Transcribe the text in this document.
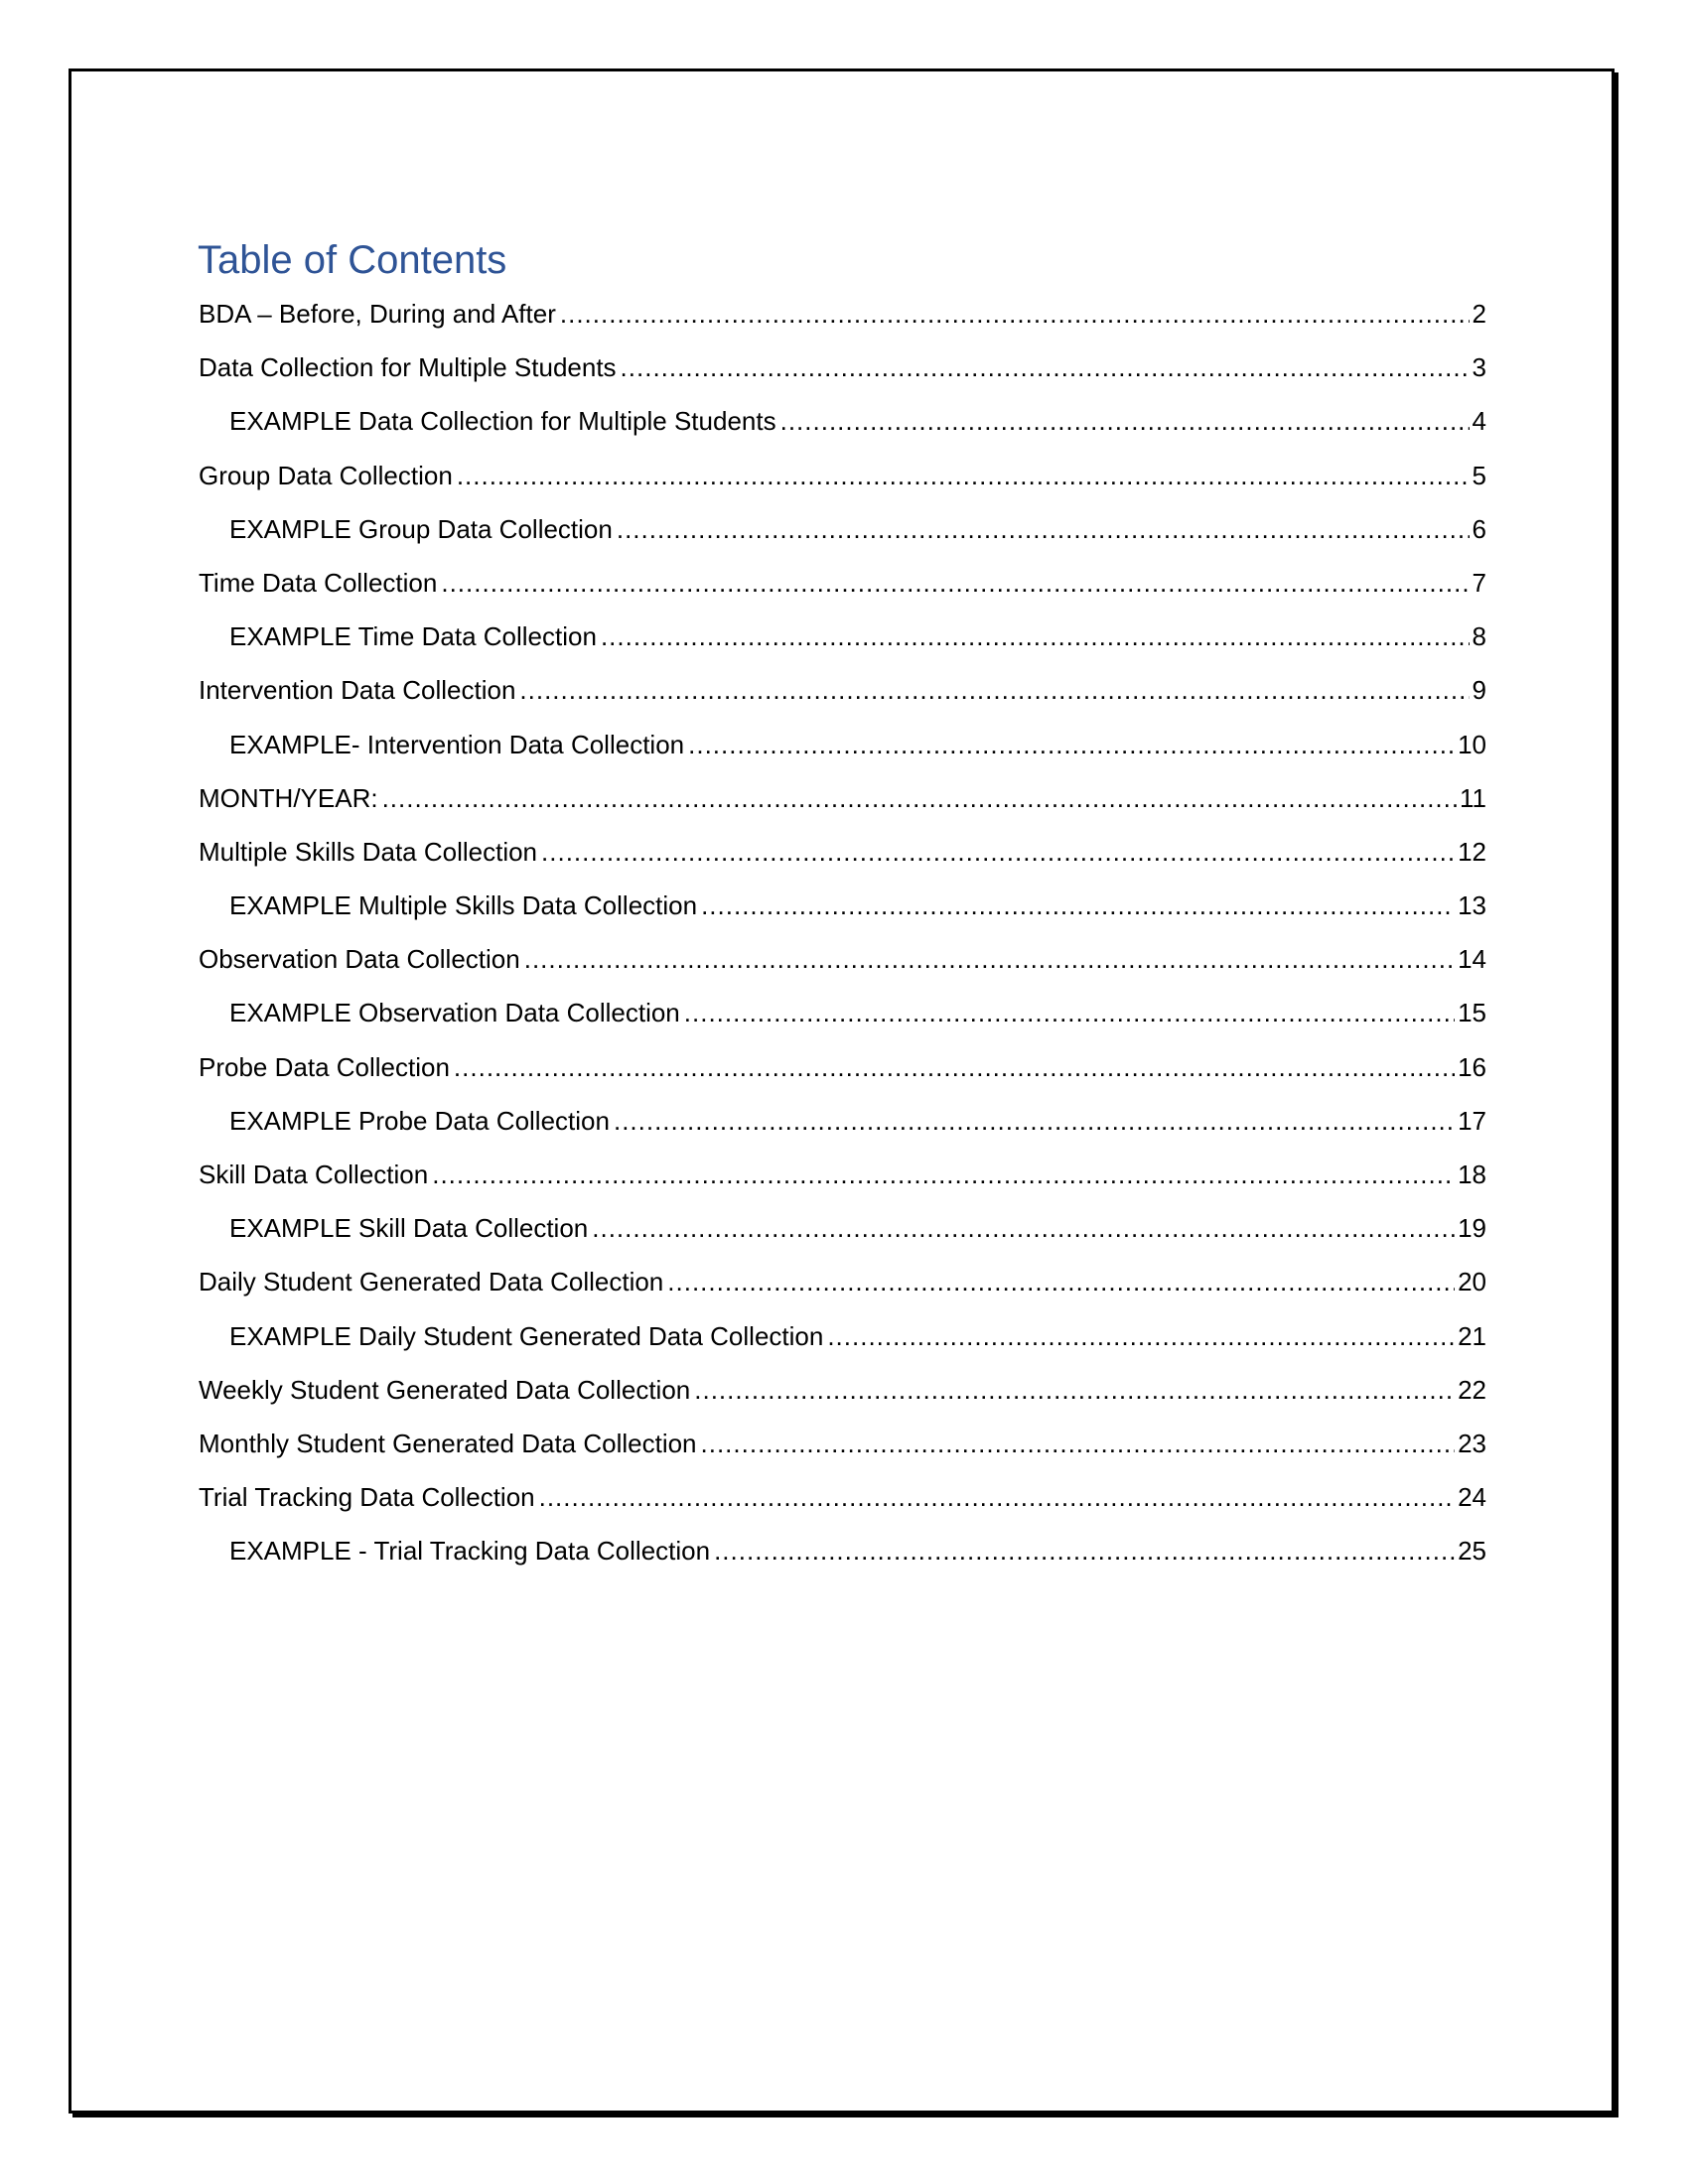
Table of Contents
BDA – Before, During and After .....	2
Data Collection for Multiple Students .....	3
EXAMPLE Data Collection for Multiple Students .....	4
Group Data Collection .....	5
EXAMPLE Group Data Collection .....	6
Time Data Collection .....	7
EXAMPLE Time Data Collection .....	8
Intervention Data Collection .....	9
EXAMPLE- Intervention Data Collection .....	10
MONTH/YEAR: .....	11
Multiple Skills Data Collection .....	12
EXAMPLE Multiple Skills Data Collection .....	13
Observation Data Collection .....	14
EXAMPLE Observation Data Collection .....	15
Probe Data Collection .....	16
EXAMPLE Probe Data Collection .....	17
Skill Data Collection .....	18
EXAMPLE Skill Data Collection .....	19
Daily Student Generated Data Collection .....	20
EXAMPLE Daily Student Generated Data Collection .....	21
Weekly Student Generated Data Collection .....	22
Monthly Student Generated Data Collection .....	23
Trial Tracking Data Collection .....	24
EXAMPLE - Trial Tracking Data Collection .....	25
